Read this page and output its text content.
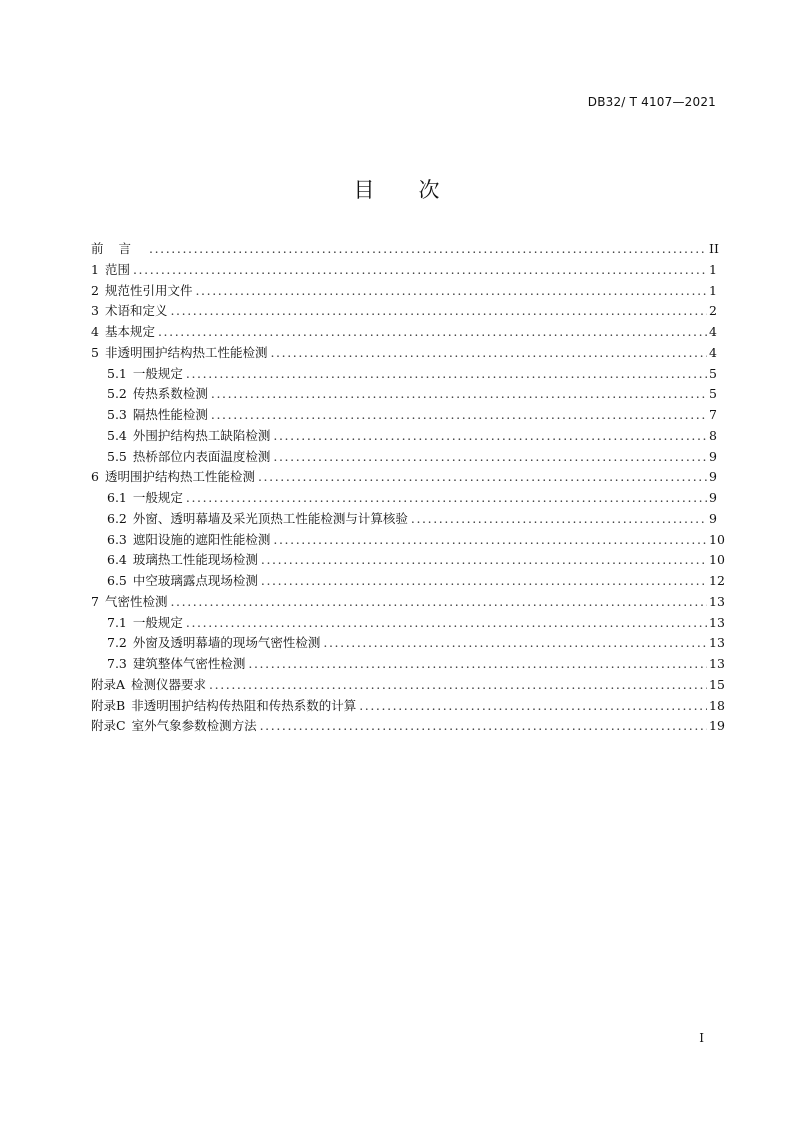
DB32/ T 4107—2021
目 次
前言 .....	II
1 范围 .....	1
2 规范性引用文件 .....	1
3 术语和定义 .....	2
4 基本规定 .....	4
5 非透明围护结构热工性能检测 .....	4
5.1 一般规定 .....	5
5.2 传热系数检测 .....	5
5.3 隔热性能检测 .....	7
5.4 外围护结构热工缺陷检测 .....	8
5.5 热桥部位内表面温度检测 .....	9
6 透明围护结构热工性能检测 .....	9
6.1 一般规定 .....	9
6.2 外窗、透明幕墙及采光顶热工性能检测与计算核验 .....	9
6.3 遮阳设施的遮阳性能检测 .....	10
6.4 玻璃热工性能现场检测 .....	10
6.5 中空玻璃露点现场检测 .....	12
7 气密性检测 .....	13
7.1 一般规定 .....	13
7.2 外窗及透明幕墙的现场气密性检测 .....	13
7.3 建筑整体气密性检测 .....	13
附录A 检测仪器要求 .....	15
附录B 非透明围护结构传热阻和传热系数的计算 .....	18
附录C 室外气象参数检测方法 .....	19
I
